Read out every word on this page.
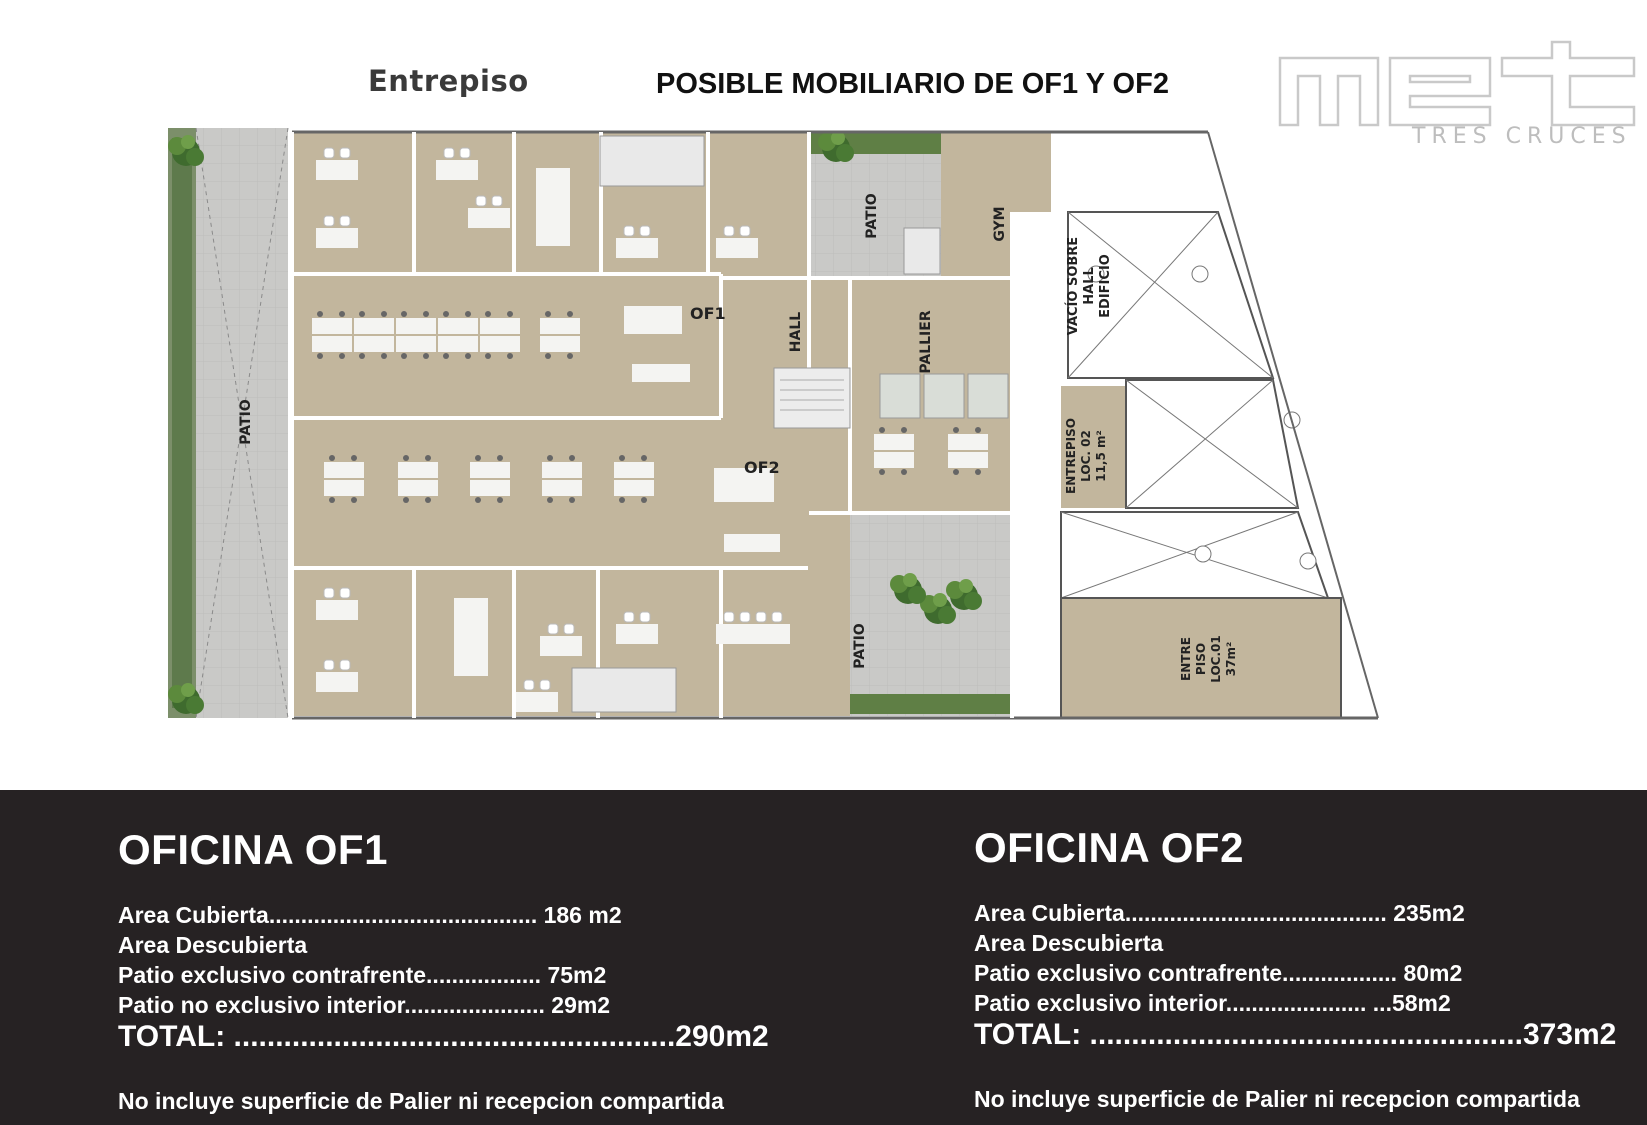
Entrepiso	POSIBLE MOBILIARIO DE OF1 Y OF2
TRES CRUCES
PATIO
PATIO
PATIO
GYM
OF1
OF2
HALL	PALLIER
VACÍO SOBRE HALL EDIFICIO
ENTREPISO LOC. 02 11,5 m²
ENTRE PISO LOC.01 37m²
OFICINA OF1
Area Cubierta.......................................... 186 m2
Area Descubierta
Patio exclusivo contrafrente.................. 75m2
Patio no exclusivo interior...................... 29m2
TOTAL: .....................................................290m2
No incluye superficie de Palier ni recepcion compartida
OFICINA OF2
Area Cubierta......................................... 235m2
Area Descubierta
Patio exclusivo contrafrente.................. 80m2
Patio exclusivo interior...................... ...58m2
TOTAL: ....................................................373m2
No incluye superficie de Palier ni recepcion compartida
